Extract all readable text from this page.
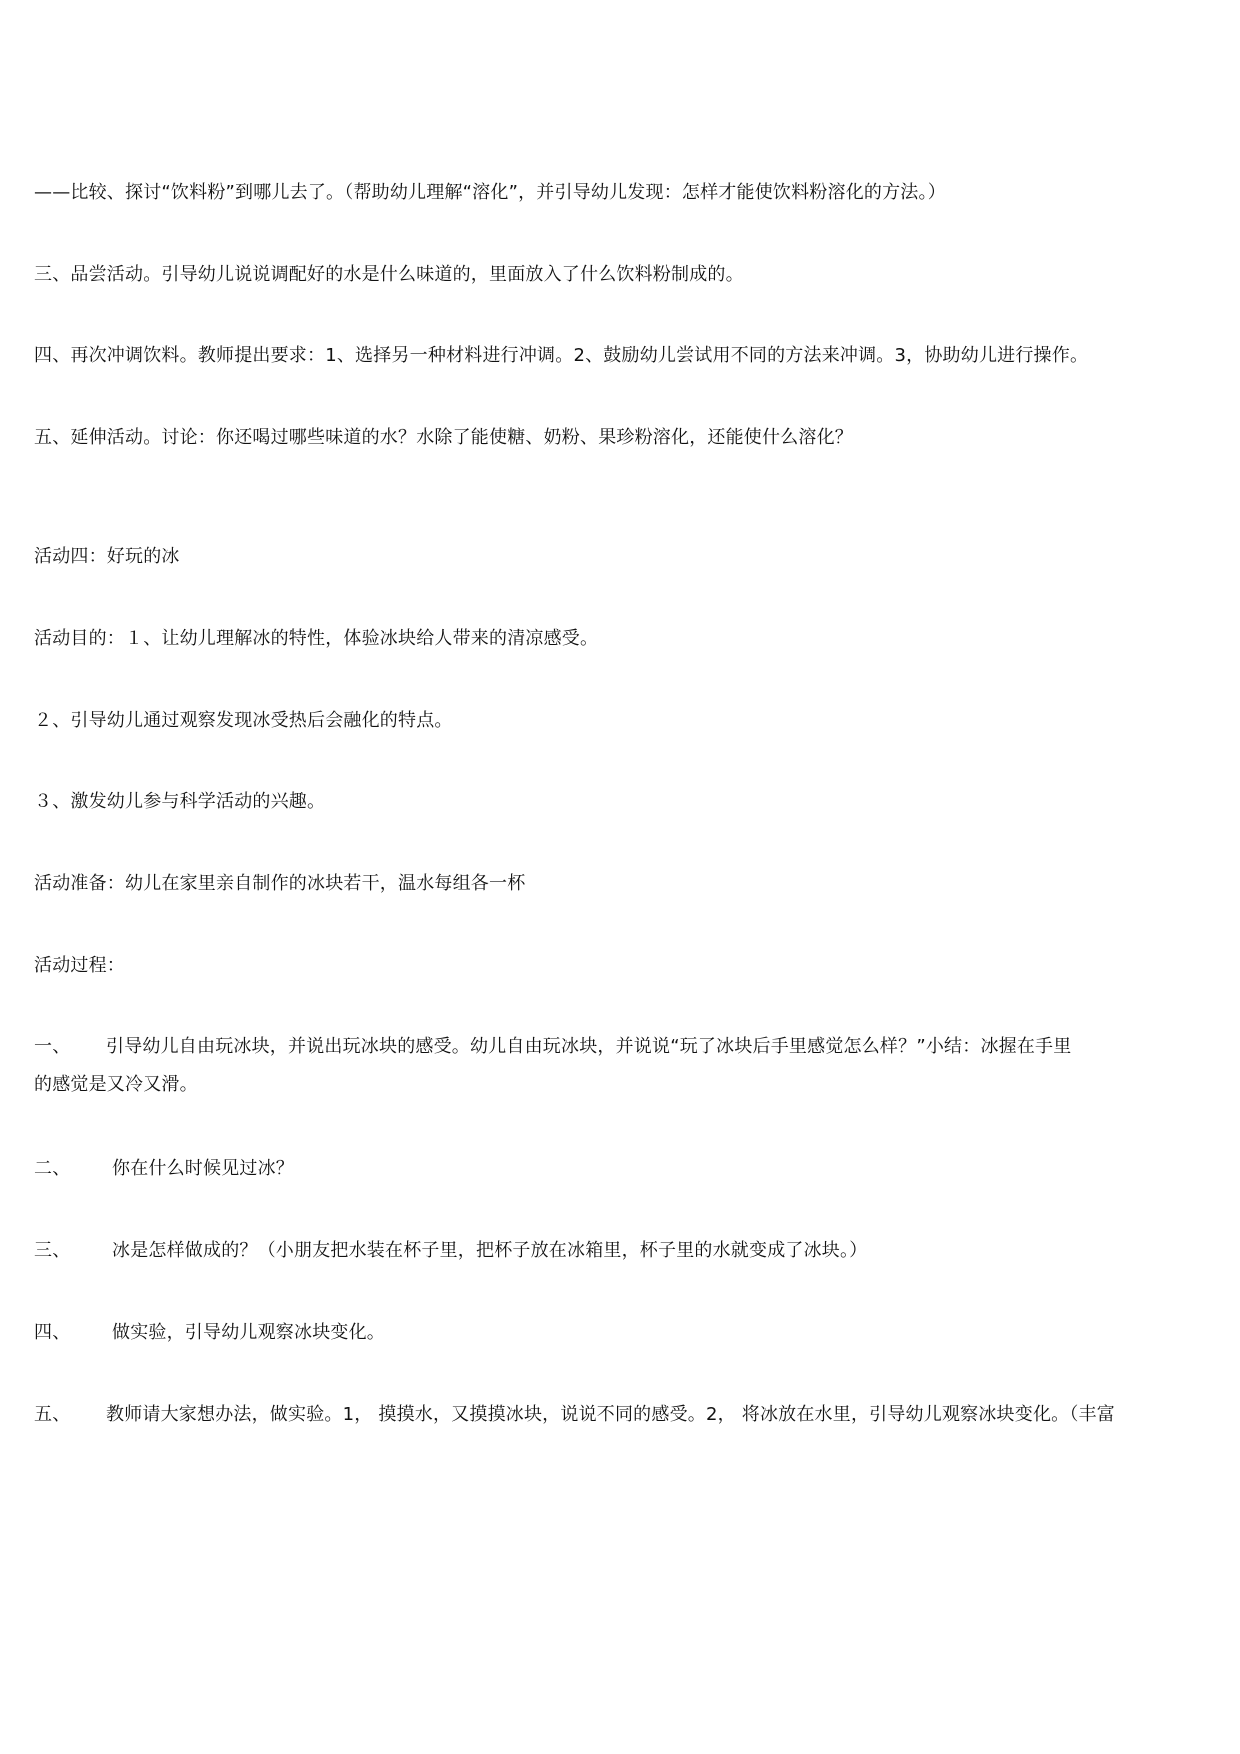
——比较、探讨“饮料粉”到哪儿去了。（帮助幼儿理解“溶化”，并引导幼儿发现：怎样才能使饮料粉溶化的方法。）
三、品尝活动。引导幼儿说说调配好的水是什么味道的，里面放入了什么饮料粉制成的。
四、再次冲调饮料。教师提出要求：1、选择另一种材料进行冲调。2、鼓励幼儿尝试用不同的方法来冲调。3，协助幼儿进行操作。
五、延伸活动。讨论：你还喝过哪些味道的水？水除了能使糖、奶粉、果珍粉溶化，还能使什么溶化？
活动四：好玩的冰
活动目的：１、让幼儿理解冰的特性，体验冰块给人带来的清凉感受。
２、引导幼儿通过观察发现冰受热后会融化的特点。
３、激发幼儿参与科学活动的兴趣。
活动准备：幼儿在家里亲自制作的冰块若干，温水每组各一杯
活动过程：
一、 引导幼儿自由玩冰块，并说出玩冰块的感受。幼儿自由玩冰块，并说说“玩了冰块后手里感觉怎么样？”小结：冰握在手里
的感觉是又冷又滑。
二、 你在什么时候见过冰？
三、 冰是怎样做成的？（小朋友把水装在杯子里，把杯子放在冰箱里，杯子里的水就变成了冰块。）
四、 做实验，引导幼儿观察冰块变化。
五、 教师请大家想办法，做实验。1， 摸摸水，又摸摸冰块，说说不同的感受。2， 将冰放在水里，引导幼儿观察冰块变化。（丰富
